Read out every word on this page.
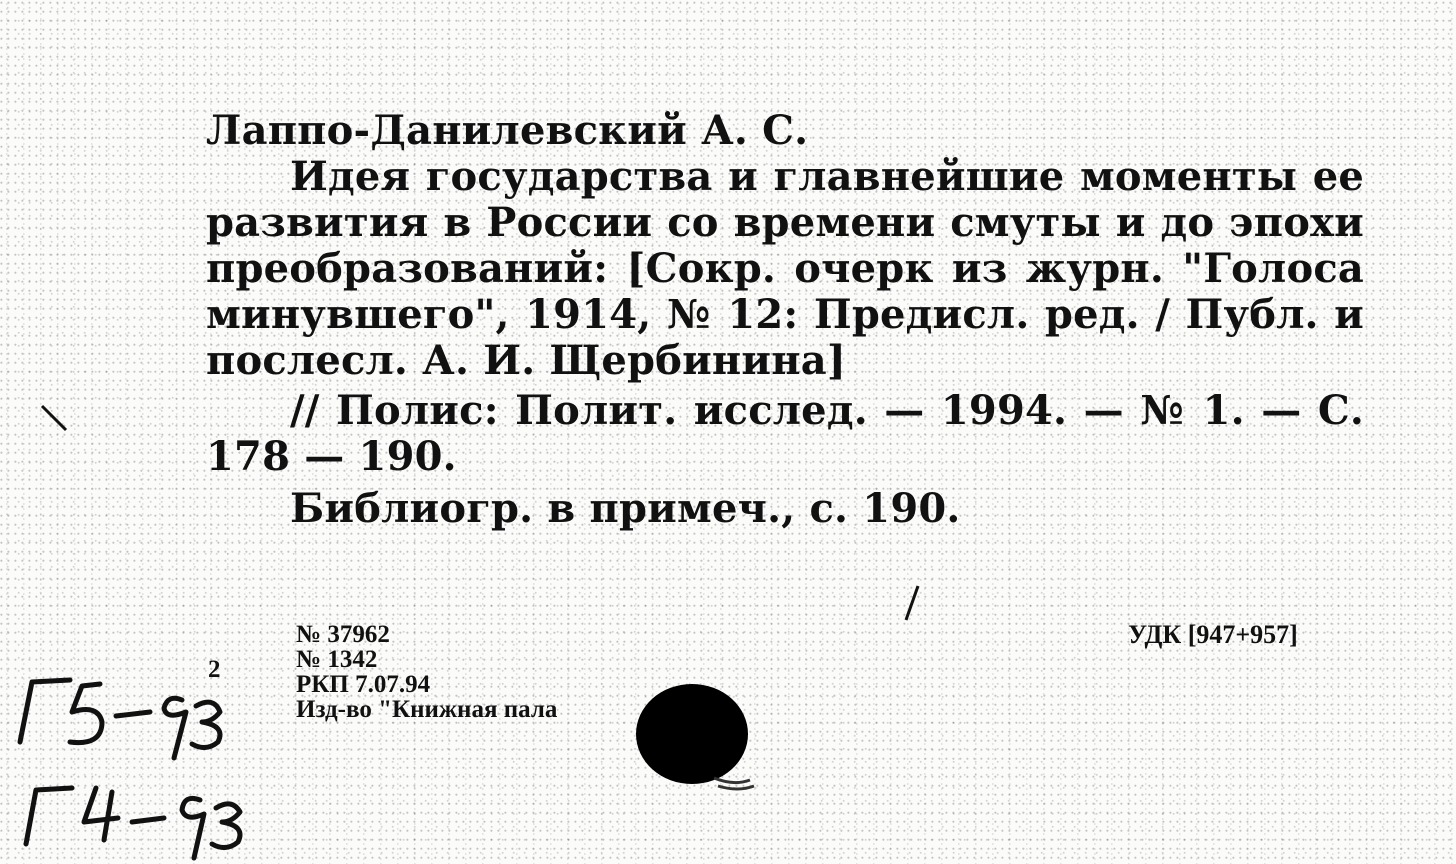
Лаппо-Данилевский А. С.

Идея государства и главнейшие моменты ее развития в России со времени смуты и до эпохи преобразований: [Сокр. очерк из журн. "Голоса минувшего", 1914, № 12: Предисл. ред. / Публ. и послесл. А. И. Щербинина]

// Полис: Полит. исслед. — 1994. — № 1. — С. 178 — 190.

Библиогр. в примеч., с. 190.

2
№ 37962
№ 1342
РКП 7.07.94
Изд-во "Книжная пала
УДК [947+957]
